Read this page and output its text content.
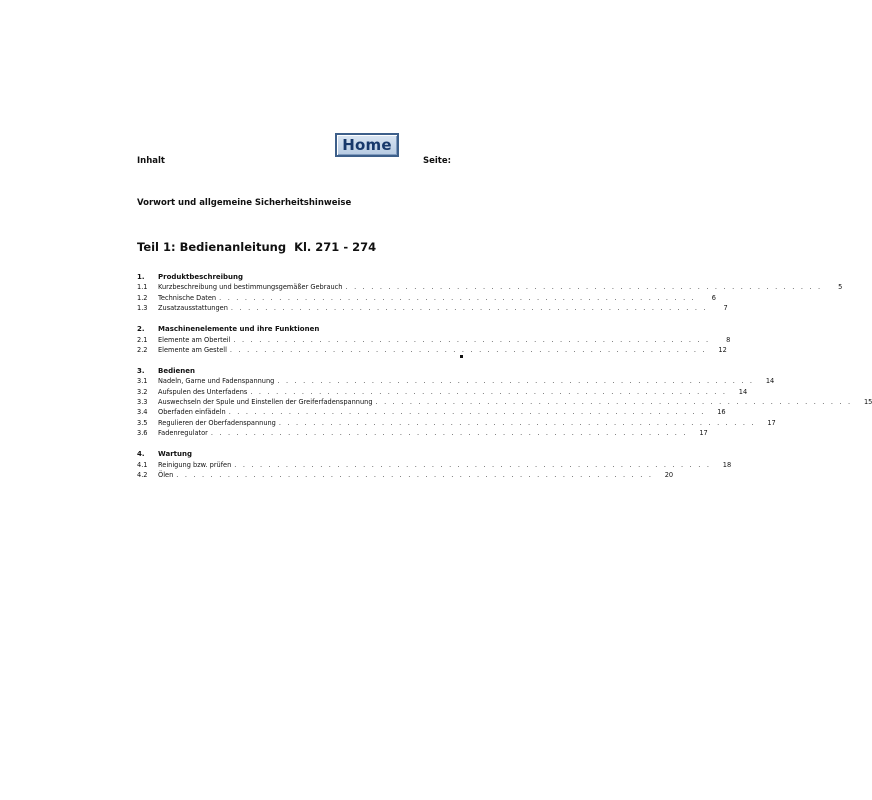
Home
Inhalt	Seite:
Vorwort und allgemeine Sicherheitshinweise
Teil 1: Bedienanleitung Kl. 271 - 274
1.	Produktbeschreibung
1.1	Kurzbeschreibung und bestimmungsgemäßer Gebrauch . . . . . . . . . . . . . . . . . . . . . . . . . . . . . . . . . . . . . . . . . . . . . . . . . . . . . . . .	5
1.2	Technische Daten . . . . . . . . . . . . . . . . . . . . . . . . . . . . . . . . . . . . . . . . . . . . . . . . . . . . . . . .	6
1.3	Zusatzausstattungen . . . . . . . . . . . . . . . . . . . . . . . . . . . . . . . . . . . . . . . . . . . . . . . . . . . . . . . .	7
2.	Maschinenelemente und ihre Funktionen
2.1	Elemente am Oberteil . . . . . . . . . . . . . . . . . . . . . . . . . . . . . . . . . . . . . . . . . . . . . . . . . . . . . . . .	8
2.2	Elemente am Gestell . . . . . . . . . . . . . . . . . . . . . . . . . . . . . . . . . . . . . . . . . . . . . . . . . . . . . . . .	12
3.	Bedienen
3.1	Nadeln, Garne und Fadenspannung . . . . . . . . . . . . . . . . . . . . . . . . . . . . . . . . . . . . . . . . . . . . . . . . . . . . . . . .	14
3.2	Aufspulen des Unterfadens . . . . . . . . . . . . . . . . . . . . . . . . . . . . . . . . . . . . . . . . . . . . . . . . . . . . . . . .	14
3.3	Auswechseln der Spule und Einstellen der Greiferfadenspannung . . . . . . . . . . . . . . . . . . . . . . . . . . . . . . . . . . . . . . . . . . . . . . . . . . . . . . . .	15
3.4	Oberfaden einfädeln . . . . . . . . . . . . . . . . . . . . . . . . . . . . . . . . . . . . . . . . . . . . . . . . . . . . . . . .	16
3.5	Regulieren der Oberfadenspannung . . . . . . . . . . . . . . . . . . . . . . . . . . . . . . . . . . . . . . . . . . . . . . . . . . . . . . . .	17
3.6	Fadenregulator . . . . . . . . . . . . . . . . . . . . . . . . . . . . . . . . . . . . . . . . . . . . . . . . . . . . . . . .	17
4.	Wartung
4.1	Reinigung bzw. prüfen . . . . . . . . . . . . . . . . . . . . . . . . . . . . . . . . . . . . . . . . . . . . . . . . . . . . . . . .	18
4.2	Ölen . . . . . . . . . . . . . . . . . . . . . . . . . . . . . . . . . . . . . . . . . . . . . . . . . . . . . . . .	20
